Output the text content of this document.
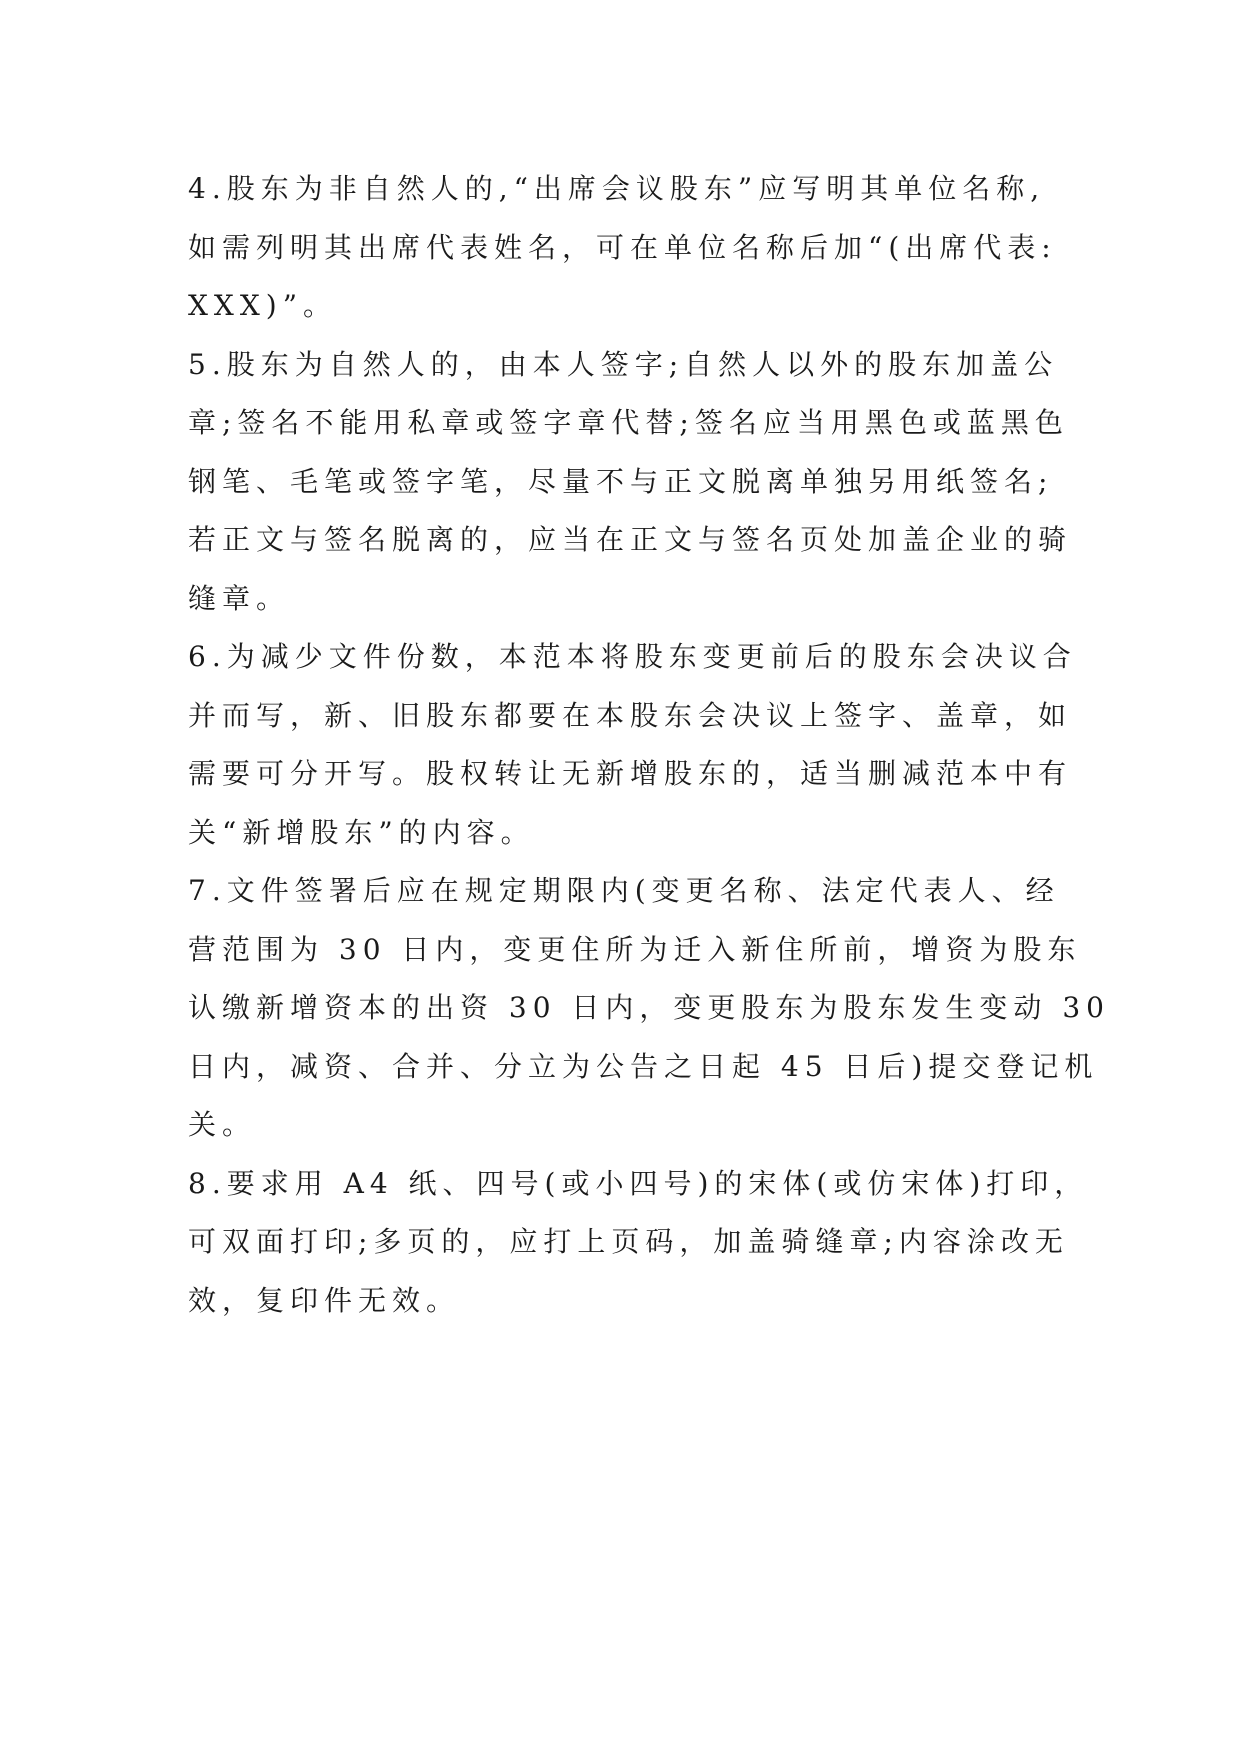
4.股东为非自然人的,“出席会议股东”应写明其单位名称,
如需列明其出席代表姓名，可在单位名称后加“(出席代表:
XXX)”。
5.股东为自然人的，由本人签字;自然人以外的股东加盖公
章;签名不能用私章或签字章代替;签名应当用黑色或蓝黑色
钢笔、毛笔或签字笔，尽量不与正文脱离单独另用纸签名;
若正文与签名脱离的，应当在正文与签名页处加盖企业的骑
缝章。
6.为减少文件份数，本范本将股东变更前后的股东会决议合
并而写，新、旧股东都要在本股东会决议上签字、盖章，如
需要可分开写。股权转让无新增股东的，适当删减范本中有
关“新增股东”的内容。
7.文件签署后应在规定期限内(变更名称、法定代表人、经
营范围为 30 日内，变更住所为迁入新住所前，增资为股东
认缴新增资本的出资 30 日内，变更股东为股东发生变动 30
日内，减资、合并、分立为公告之日起 45 日后)提交登记机
关。
8.要求用 A4 纸、四号(或小四号)的宋体(或仿宋体)打印，
可双面打印;多页的，应打上页码，加盖骑缝章;内容涂改无
效，复印件无效。
